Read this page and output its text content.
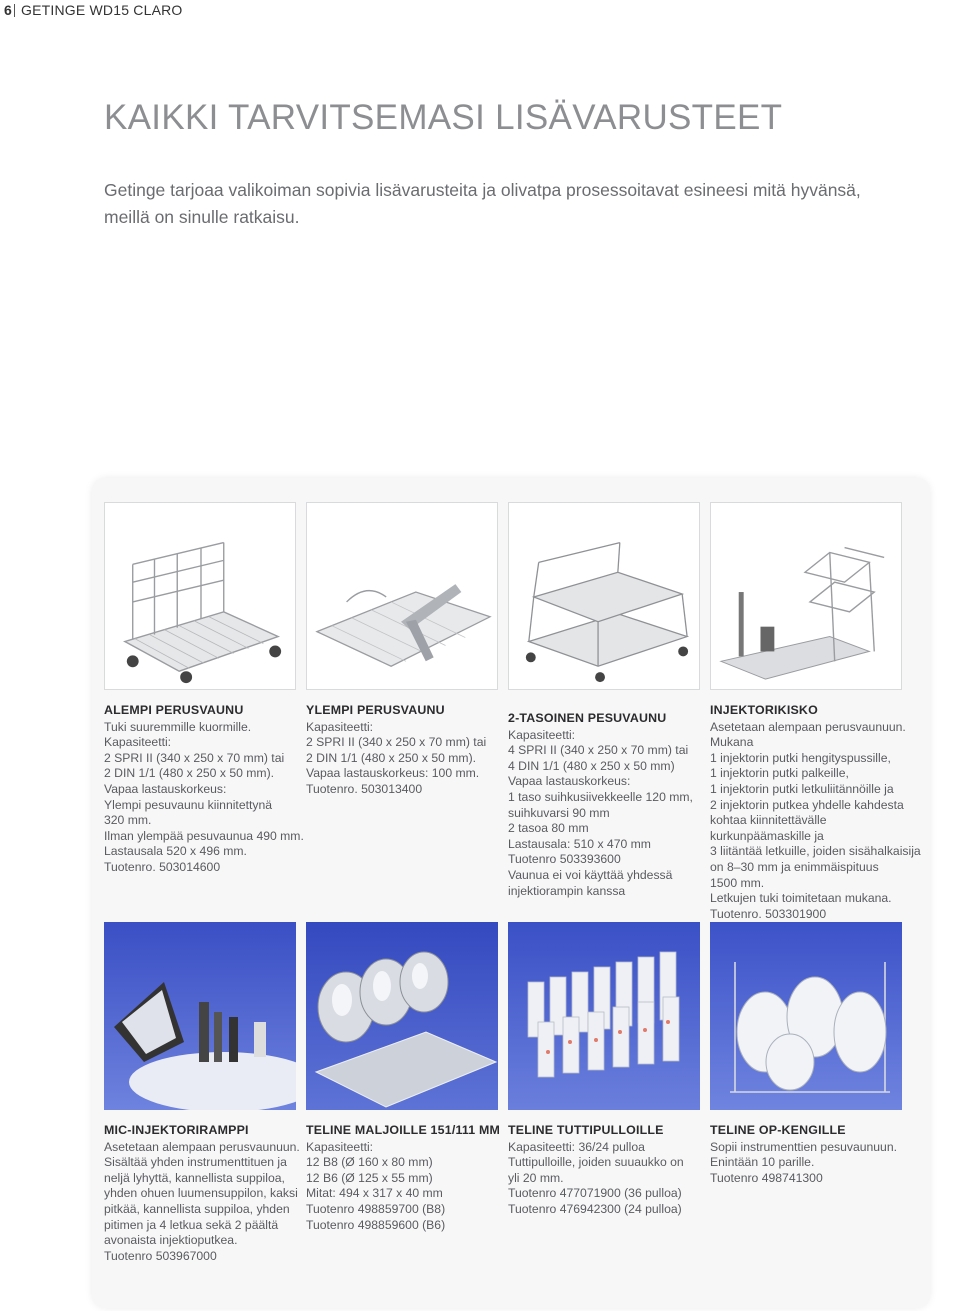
6 GETINGE WD15 CLARO
KAIKKI TARVITSEMASI LISÄVARUSTEET

Getinge tarjoaa valikoiman sopivia lisävarusteita ja olivatpa prosessoitavat esineesi mitä hyvänsä,
meillä on sinulle ratkaisu.

ALEMPI PERUSVAUNU
Tuki suuremmille kuormille.
Kapasiteetti:
2 SPRI II (340 x 250 x 70 mm) tai
2 DIN 1/1 (480 x 250 x 50 mm).
Vapaa lastauskorkeus:
Ylempi pesuvaunu kiinnitettynä
320 mm.
Ilman ylempää pesuvaunua 490 mm.
Lastausala 520 x 496 mm.
Tuotenro. 503014600
YLEMPI PERUSVAUNU
Kapasiteetti:
2 SPRI II (340 x 250 x 70 mm) tai
2 DIN 1/1 (480 x 250 x 50 mm).
Vapaa lastauskorkeus: 100 mm.
Tuotenro. 503013400
2-TASOINEN PESUVAUNU
Kapasiteetti:
4 SPRI II (340 x 250 x 70 mm) tai
4 DIN 1/1 (480 x 250 x 50 mm)
Vapaa lastauskorkeus:
1 taso suihkusiivekkeelle 120 mm,
suihkuvarsi 90 mm
2 tasoa 80 mm
Lastausala: 510 x 470 mm
Tuotenro 503393600
Vaunua ei voi käyttää yhdessä
injektiorampin kanssa
INJEKTORIKISKO
Asetetaan alempaan perusvaunuun.
Mukana
1 injektorin putki hengityspussille,
1 injektorin putki palkeille,
1 injektorin putki letkuliitännöille ja
2 injektorin putkea yhdelle kahdesta
kohtaa kiinnitettävälle
kurkunpäämaskille ja
3 liitäntää letkuille, joiden sisähalkaisija
on 8–30 mm ja enimmäispituus
1500 mm.
Letkujen tuki toimitetaan mukana.
Tuotenro. 503301900
MIC-INJEKTORIRAMPPI
Asetetaan alempaan perusvaunuun.
Sisältää yhden instrumenttituen ja
neljä lyhyttä, kannellista suppiloa,
yhden ohuen luumensuppilon, kaksi
pitkää, kannellista suppiloa, yhden
pitimen ja 4 letkua sekä 2 päältä
avonaista injektioputkea.
Tuotenro 503967000
TELINE MALJOILLE 151/111 MM
Kapasiteetti:
12 B8 (Ø 160 x 80 mm)
12 B6 (Ø 125 x 55 mm)
Mitat: 494 x 317 x 40 mm
Tuotenro 498859700 (B8)
Tuotenro 498859600 (B6)
TELINE TUTTIPULLOILLE
Kapasiteetti: 36/24 pulloa
Tuttipulloille, joiden suuaukko on
yli 20 mm.
Tuotenro 477071900 (36 pulloa)
Tuotenro 476942300 (24 pulloa)
TELINE OP-KENGILLE
Sopii instrumenttien pesuvaunuun.
Enintään 10 parille.
Tuotenro 498741300
